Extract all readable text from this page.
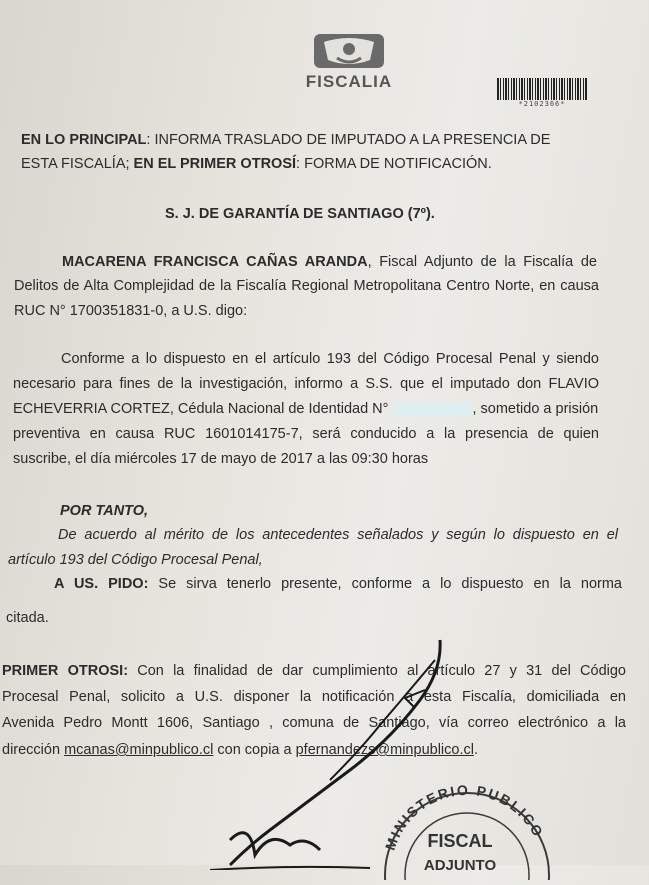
FISCALIA
*2102366*
EN LO PRINCIPAL: INFORMA TRASLADO DE IMPUTADO A LA PRESENCIA DE
ESTA FISCALÍA; EN EL PRIMER OTROSÍ: FORMA DE NOTIFICACIÓN.
S. J. DE GARANTÍA DE SANTIAGO (7º).
MACARENA FRANCISCA CAÑAS ARANDA, Fiscal Adjunto de la Fiscalía de
Delitos de Alta Complejidad de la Fiscalía Regional Metropolitana Centro Norte, en causa
RUC N° 1700351831-0, a U.S. digo:
Conforme a lo dispuesto en el artículo 193 del Código Procesal Penal y siendo
necesario para fines de la investigación, informo a S.S. que el imputado don FLAVIO
ECHEVERRIA CORTEZ, Cédula Nacional de Identidad N°	, sometido a prisión
preventiva en causa RUC 1601014175-7, será conducido a la presencia de quien
suscribe, el día miércoles 17 de mayo de 2017 a las 09:30 horas
POR TANTO,
De acuerdo al mérito de los antecedentes señalados y según lo dispuesto en el
artículo 193 del Código Procesal Penal,
A US. PIDO: Se sirva tenerlo presente, conforme a lo dispuesto en la norma
citada.
PRIMER OTROSI: Con la finalidad de dar cumplimiento al artículo 27 y 31 del Código
Procesal Penal, solicito a U.S. disponer la notificación a esta Fiscalía, domiciliada en
Avenida Pedro Montt 1606, Santiago , comuna de Santiago, vía correo electrónico a la
dirección mcanas@minpublico.cl con copia a pfernandezs@minpublico.cl.
MINISTERIO PUBLICO
FISCAL
ADJUNTO
